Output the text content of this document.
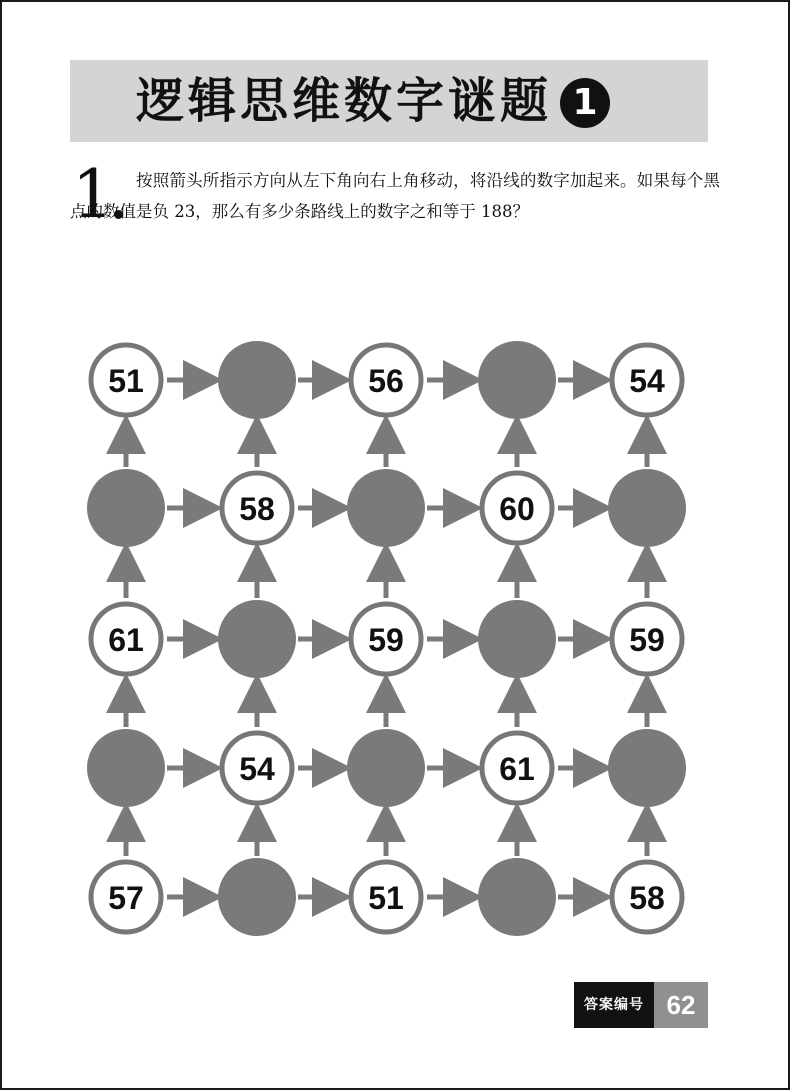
逻辑思维数字谜题 1
1	按照箭头所指示方向从左下角向右上角移动，将沿线的数字加起来。如果每个黑点的数值是负 23，那么有多少条路线上的数字之和等于 188？
51	56	54
58	60
61	59	59
54	61
57	51	58
答案编号 62
